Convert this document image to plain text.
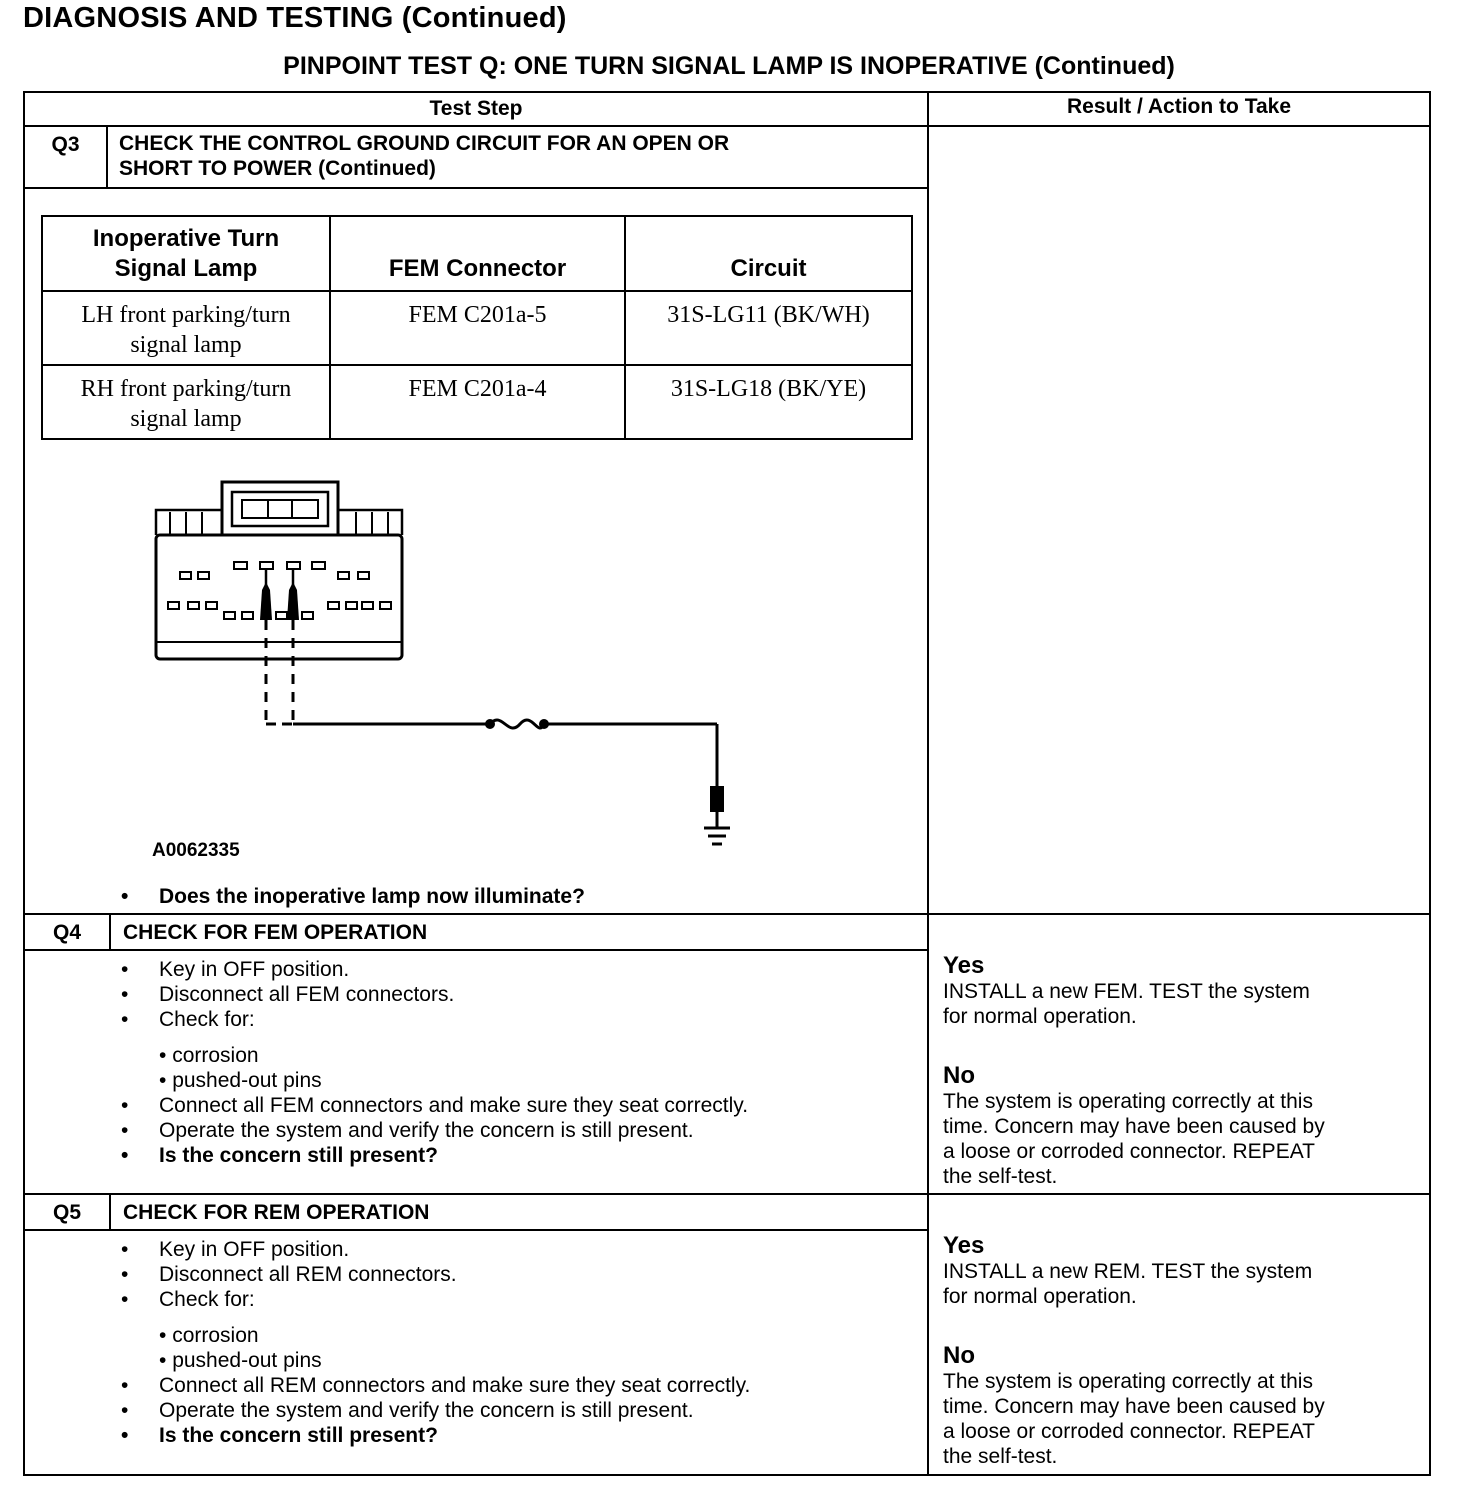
DIAGNOSIS AND TESTING (Continued)
PINPOINT TEST Q: ONE TURN SIGNAL LAMP IS INOPERATIVE (Continued)
Test Step	Result / Action to Take
Q3	CHECK THE CONTROL GROUND CIRCUIT FOR AN OPEN OR
SHORT TO POWER (Continued)
Inoperative Turn Signal Lamp	FEM Connector	Circuit

LH front parking/turn signal lamp	FEM C201a-5	31S-LG11 (BK/WH)

RH front parking/turn signal lamp	FEM C201a-4	31S-LG18 (BK/YE)
A0062335
• Does the inoperative lamp now illuminate?
Q4	CHECK FOR FEM OPERATION
• Key in OFF position.
• Disconnect all FEM connectors.
• Check for:
• corrosion
• pushed-out pins
• Connect all FEM connectors and make sure they seat correctly.
• Operate the system and verify the concern is still present.
• Is the concern still present?
Yes
INSTALL a new FEM. TEST the system
for normal operation.
No
The system is operating correctly at this
time. Concern may have been caused by
a loose or corroded connector. REPEAT
the self-test.
Q5	CHECK FOR REM OPERATION
• Key in OFF position.
• Disconnect all REM connectors.
• Check for:
• corrosion
• pushed-out pins
• Connect all REM connectors and make sure they seat correctly.
• Operate the system and verify the concern is still present.
• Is the concern still present?
Yes
INSTALL a new REM. TEST the system
for normal operation.
No
The system is operating correctly at this
time. Concern may have been caused by
a loose or corroded connector. REPEAT
the self-test.
